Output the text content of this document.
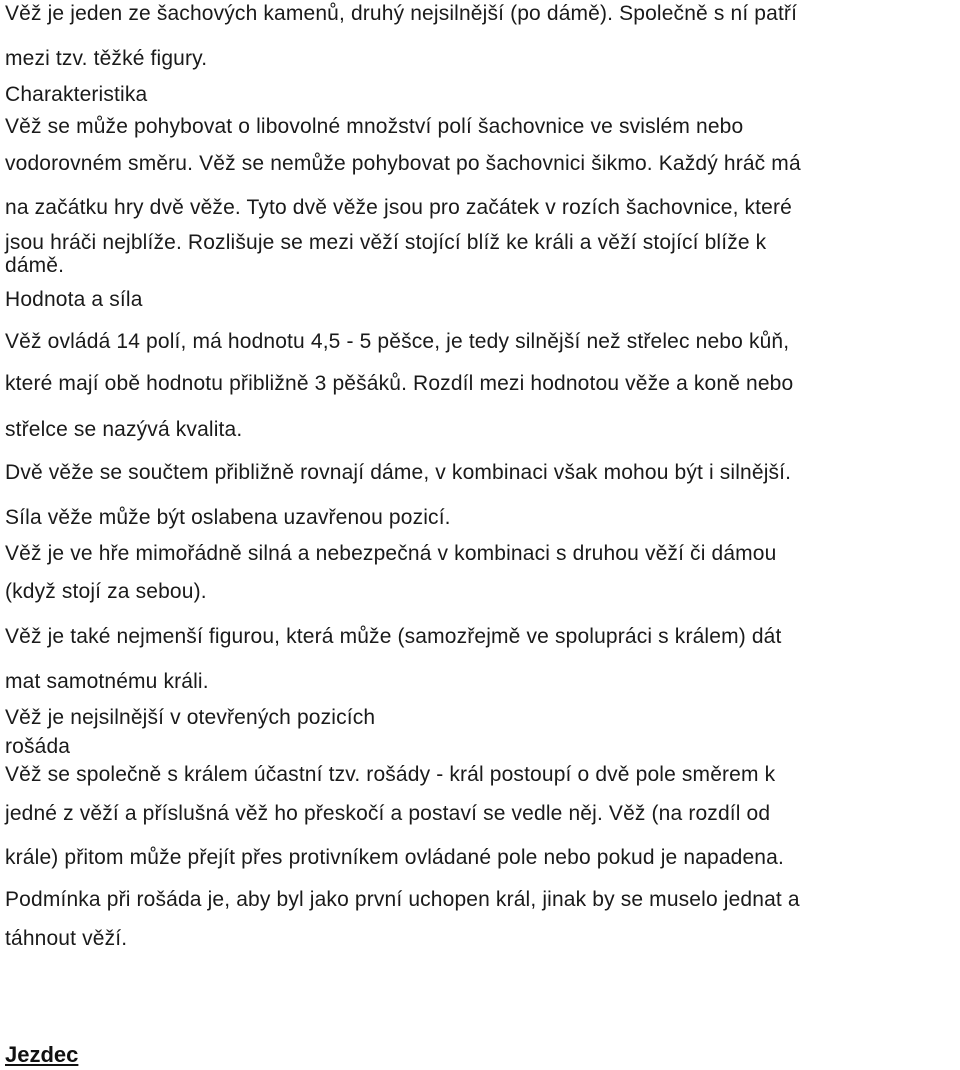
Věž je jeden ze šachových kamenů, druhý nejsilnější (po dámě). Společně s ní patří
mezi tzv. těžké figury.
Charakteristika
Věž se může pohybovat o libovolné množství polí šachovnice ve svislém nebo
vodorovném směru. Věž se nemůže pohybovat po šachovnici šikmo. Každý hráč má
na začátku hry dvě věže. Tyto dvě věže jsou pro začátek v rozích šachovnice, které
jsou hráči nejblíže. Rozlišuje se mezi věží stojící blíž ke králi a věží stojící blíže k
dámě.
Hodnota a síla
Věž ovládá 14 polí, má hodnotu 4,5 - 5 pěšce, je tedy silnější než střelec nebo kůň,
které mají obě hodnotu přibližně 3 pěšáků. Rozdíl mezi hodnotou věže a koně nebo
střelce se nazývá kvalita.
Dvě věže se součtem přibližně rovnají dáme, v kombinaci však mohou být i silnější.
Síla věže může být oslabena uzavřenou pozicí.
Věž je ve hře mimořádně silná a nebezpečná v kombinaci s druhou věží či dámou
(když stojí za sebou).
Věž je také nejmenší figurou, která může (samozřejmě ve spolupráci s králem) dát
mat samotnému králi.
Věž je nejsilnější v otevřených pozicích
rošáda
Věž se společně s králem účastní tzv. rošády - král postoupí o dvě pole směrem k
jedné z věží a příslušná věž ho přeskočí a postaví se vedle něj. Věž (na rozdíl od
krále) přitom může přejít přes protivníkem ovládané pole nebo pokud je napadena.
Podmínka při rošáda je, aby byl jako první uchopen král, jinak by se muselo jednat a
táhnout věží.
Jezdec
